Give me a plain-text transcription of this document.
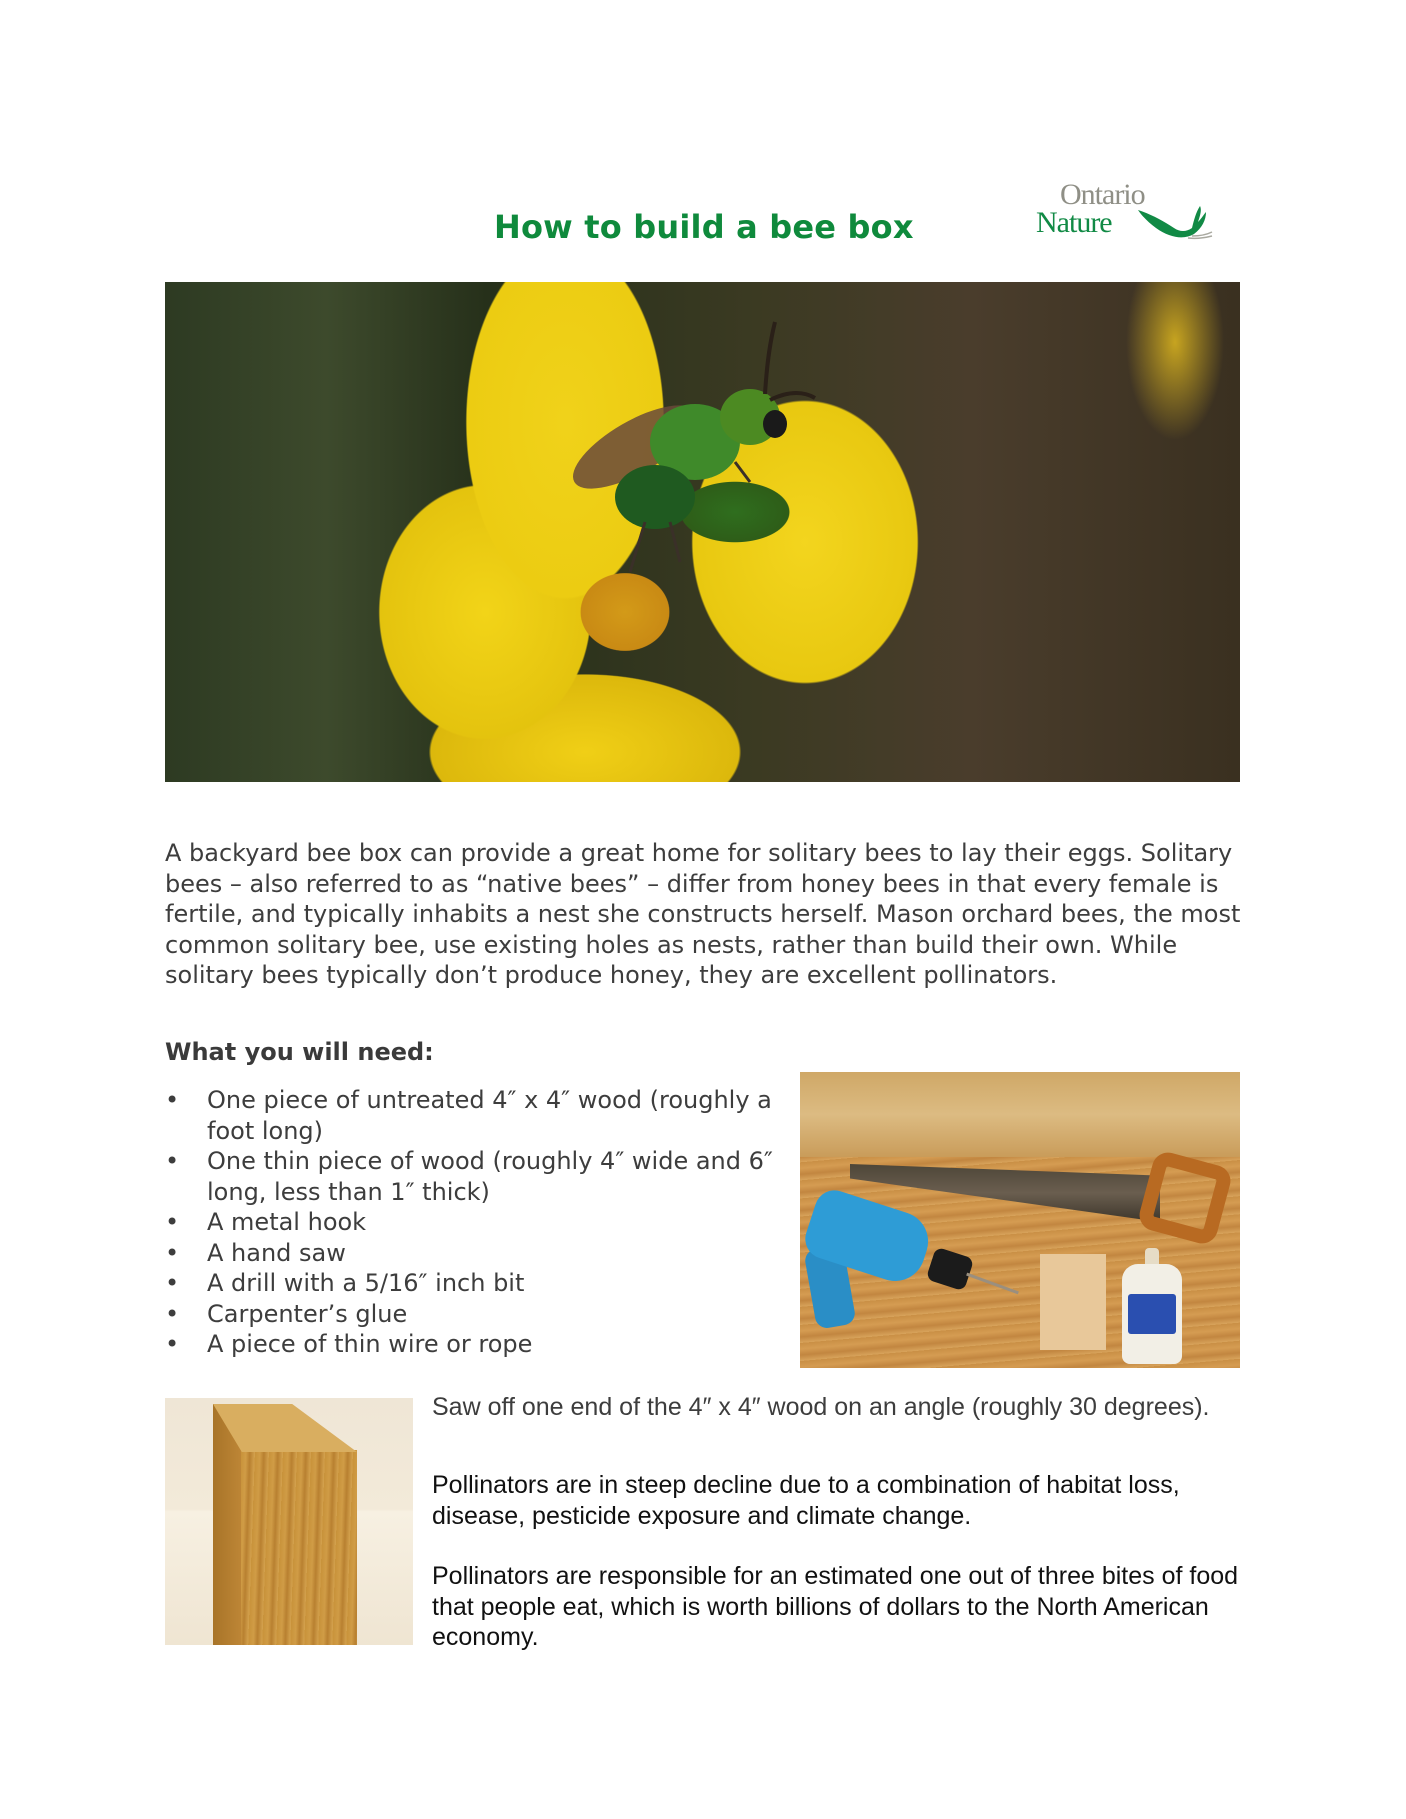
How to build a bee box
Ontario
Nature

A backyard bee box can provide a great home for solitary bees to lay their eggs. Solitary bees – also referred to as “native bees” – differ from honey bees in that every female is fertile, and typically inhabits a nest she constructs herself. Mason orchard bees, the most common solitary bee, use existing holes as nests, rather than build their own. While solitary bees typically don’t produce honey, they are excellent pollinators.

What you will need:
• One piece of untreated 4″ x 4″ wood (roughly a foot long)
• One thin piece of wood (roughly 4″ wide and 6″ long, less than 1″ thick)
• A metal hook
• A hand saw
• A drill with a 5/16″ inch bit
• Carpenter’s glue
• A piece of thin wire or rope

Saw off one end of the 4″ x 4″ wood on an angle (roughly 30 degrees).

Pollinators are in steep decline due to a combination of habitat loss, disease, pesticide exposure and climate change.

Pollinators are responsible for an estimated one out of three bites of food that people eat, which is worth billions of dollars to the North American economy.
